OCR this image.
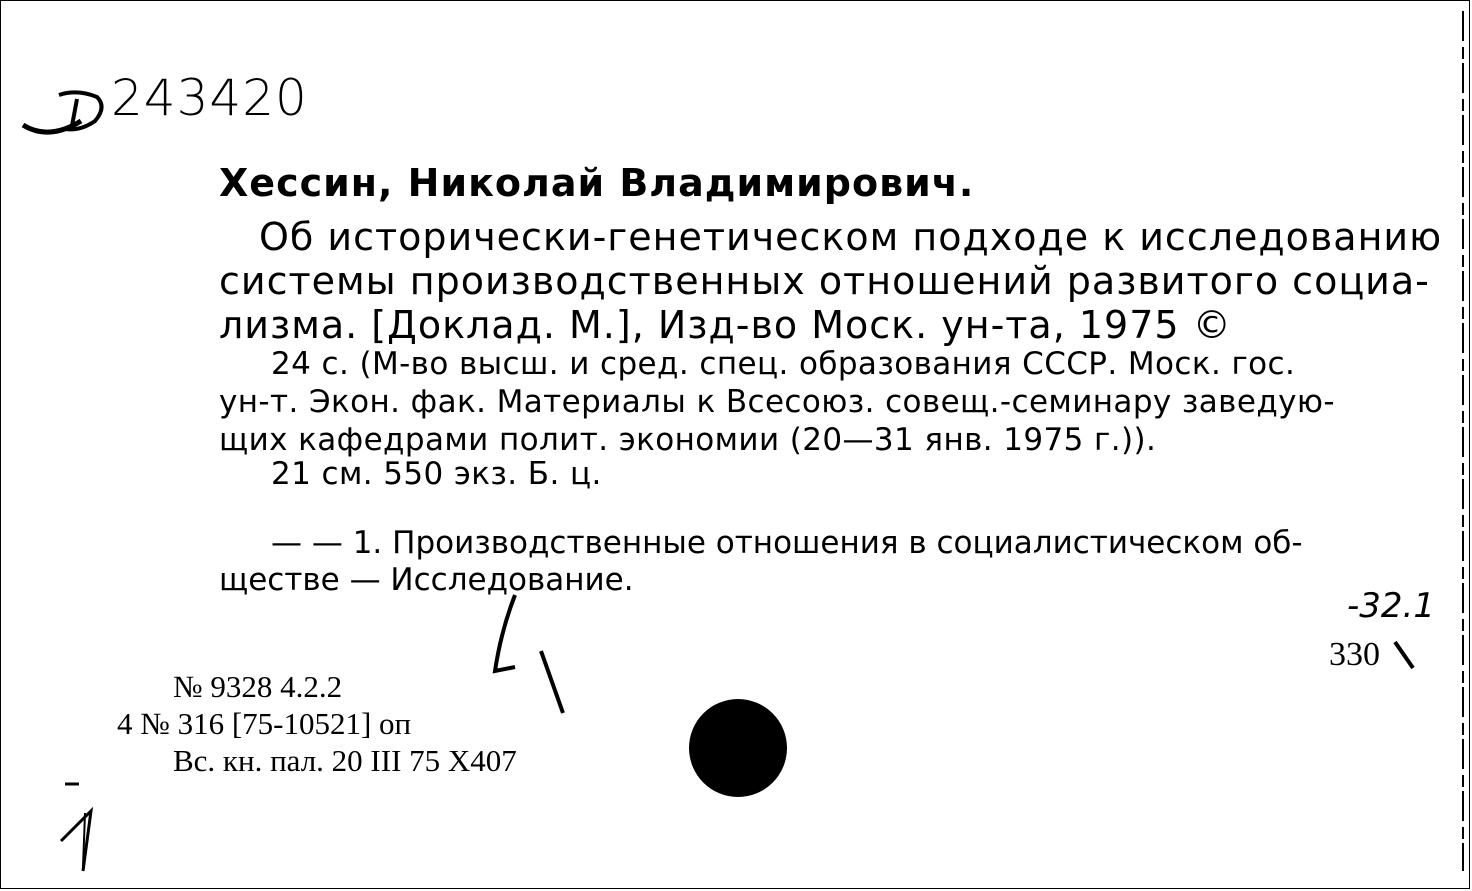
243420
Хессин, Николай Владимирович.
Об исторически-генетическом подходе к исследованию
системы производственных отношений развитого социа-
лизма. [Доклад. М.], Изд-во Моск. ун-та, 1975 ©
24 с. (М-во высш. и сред. спец. образования СССР. Моск. гос.
ун-т. Экон. фак. Материалы к Всесоюз. совещ.-семинару заведую-
щих кафедрами полит. экономии (20—31 янв. 1975 г.)).
21 см. 550 экз. Б. ц.
— — 1. Производственные отношения в социалистическом об-
ществе — Исследование.
-32.1
330
№ 9328 4.2.2
4 № 316 [75-10521] оп
Вс. кн. пал. 20 III 75 X407
